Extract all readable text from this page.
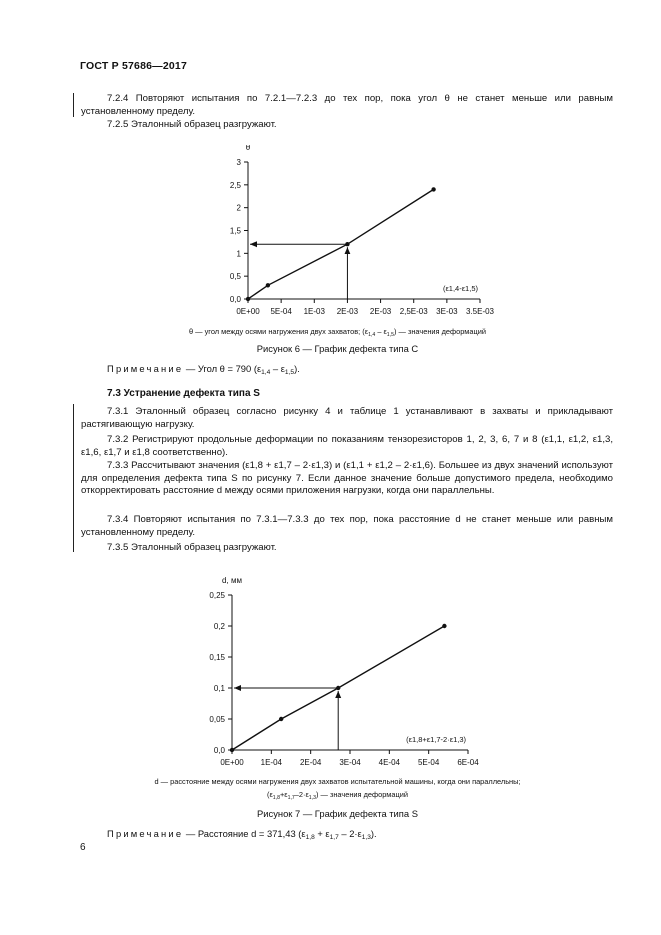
ГОСТ Р 57686—2017
7.2.4 Повторяют испытания по 7.2.1—7.2.3 до тех пор, пока угол θ не станет меньше или равным установленному пределу.
7.2.5 Эталонный образец разгружают.
0,0
0,5
1
1,5
2
2,5
3
0E+00 5E-04 1E-03 2E-03 2E-03 2,5E-03 3E-03 3.5E-03
θ
(ε1,4-ε1,5)
θ — угол между осями нагружения двух захватов; $(\varepsilon_{1,4} - \varepsilon_{1,5})$ — значения деформаций
Рисунок 6 — График дефекта типа C
Примечание — Угол θ = 790 $(\varepsilon_{1,4} - \varepsilon_{1,5})$.
7.3 Устранение дефекта типа S
7.3.1 Эталонный образец согласно рисунку 4 и таблице 1 устанавливают в захваты и прикладывают растягивающую нагрузку.
7.3.2 Регистрируют продольные деформации по показаниям тензорезисторов 1, 2, 3, 6, 7 и 8 (ε1,1, ε1,2, ε1,3, ε1,6, ε1,7 и ε1,8 соответственно).
7.3.3 Рассчитывают значения (ε1,8 + ε1,7 – 2·ε1,3) и (ε1,1 + ε1,2 – 2·ε1,6). Большее из двух значений используют для определения дефекта типа S по рисунку 7. Если данное значение больше допустимого предела, необходимо откорректировать расстояние d между осями приложения нагрузки, когда они параллельны.
7.3.4 Повторяют испытания по 7.3.1—7.3.3 до тех пор, пока расстояние d не станет меньше или равным установленному пределу.
7.3.5 Эталонный образец разгружают.
0,0
0,05
0,1
0,15
0,2
0,25
0E+00 1E-04 2E-04 3E-04 4E-04 5E-04 6E-04
d, мм
(ε1,8+ε1,7-2·ε1,3)
d — расстояние между осями нагружения двух захватов испытательной машины, когда они параллельны;
$(\varepsilon_{1,8}+\varepsilon_{1,7}-2\cdot\varepsilon_{1,3})$ — значения деформаций
Рисунок 7 — График дефекта типа S
Примечание — Расстояние d = 371,43 $(\varepsilon_{1,8} + \varepsilon_{1,7} - 2\cdot\varepsilon_{1,3})$.
6
